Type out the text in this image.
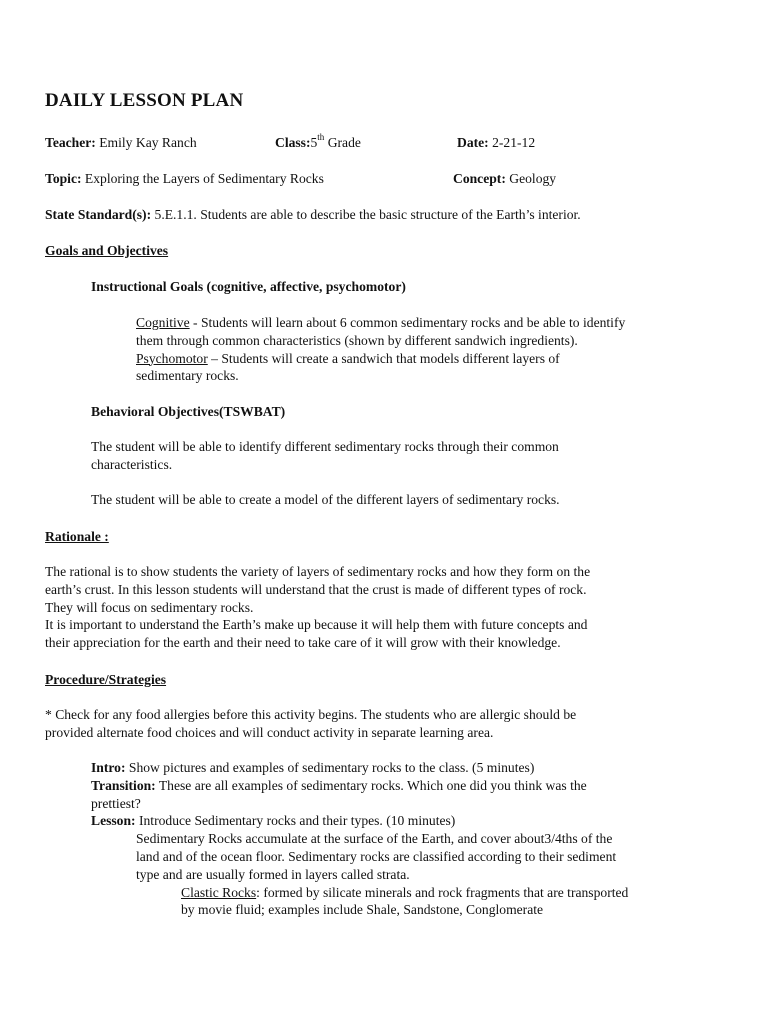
DAILY LESSON PLAN
Teacher: Emily Kay Ranch	Class:5th Grade	Date: 2-21-12
Topic: Exploring the Layers of Sedimentary Rocks	Concept: Geology
State Standard(s): 5.E.1.1. Students are able to describe the basic structure of the Earth’s interior.
Goals and Objectives
Instructional Goals (cognitive, affective, psychomotor)

Cognitive - Students will learn about 6 common sedimentary rocks and be able to identify

them through common characteristics (shown by different sandwich ingredients).

Psychomotor – Students will create a sandwich that models different layers of

sedimentary rocks.

Behavioral Objectives(TSWBAT)

The student will be able to identify different sedimentary rocks through their common

characteristics.

The student will be able to create a model of the different layers of sedimentary rocks.
Rationale :

The rational is to show students the variety of layers of sedimentary rocks and how they form on the

earth’s crust. In this lesson students will understand that the crust is made of different types of rock.

They will focus on sedimentary rocks.

It is important to understand the Earth’s make up because it will help them with future concepts and

their appreciation for the earth and their need to take care of it will grow with their knowledge.

Procedure/Strategies

* Check for any food allergies before this activity begins. The students who are allergic should be

provided alternate food choices and will conduct activity in separate learning area.

Intro: Show pictures and examples of sedimentary rocks to the class. (5 minutes)

Transition: These are all examples of sedimentary rocks. Which one did you think was the

prettiest?

Lesson: Introduce Sedimentary rocks and their types. (10 minutes)

Sedimentary Rocks accumulate at the surface of the Earth, and cover about3/4ths of the

land and of the ocean floor. Sedimentary rocks are classified according to their sediment

type and are usually formed in layers called strata.

Clastic Rocks: formed by silicate minerals and rock fragments that are transported

by movie fluid; examples include Shale, Sandstone, Conglomerate
